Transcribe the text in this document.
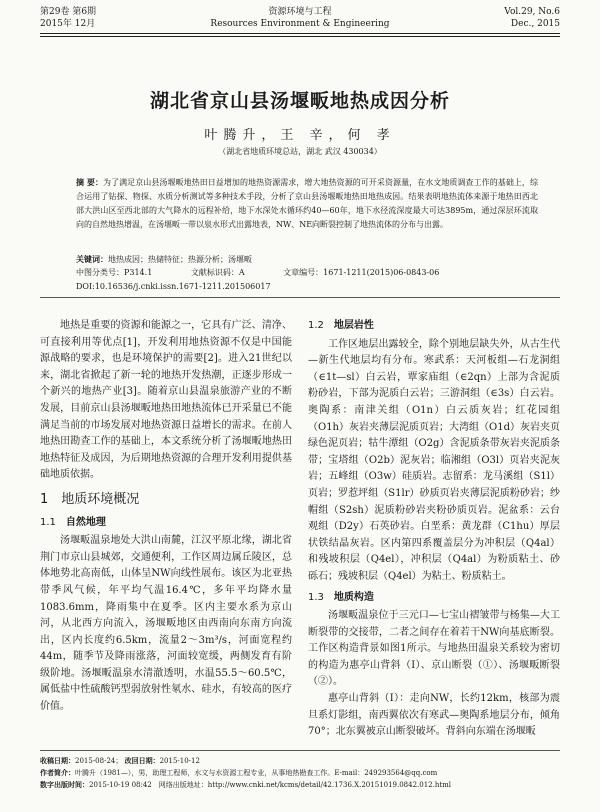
第29卷 第6期
2015年 12月
资源环境与工程
Resources Environment & Engineering
Vol.29, No.6
Dec., 2015
湖北省京山县汤堰畈地热成因分析
叶腾升，王 辛，何 孝
（湖北省地质环境总站，湖北 武汉 430034）
摘 要：为了满足京山县汤堰畈地热田日益增加的地热资源需求，增大地热资源的可开采资源量，在水文地质调查工作的基础上，综合运用了钻探、物探、水质分析测试等多种技术手段，分析了京山县汤堰畈地热田地热成因。结果表明地热流体来源于地热田西北部大洪山区至西北部的大气降水的远程补给，地下水深处水循环约40—60年，地下水径流深度最大可达3895m，通过深层环流取向的自然地热增温，在汤堰畈一带以泉水形式出露地表，NW、NE向断裂控制了地热流体的分布与出露。
关键词：地热成因；热储特征；热源分析；汤堰畈
中图分类号：P314.1	文献标识码：A	文章编号：1671-1211(2015)06-0843-06
DOI:10.16536/j.cnki.issn.1671-1211.201506017

地热是重要的资源和能源之一，它具有广泛、清净、可直接利用等优点[1]，开发利用地热资源不仅是中国能源战略的要求，也是环境保护的需要[2]。进入21世纪以来，湖北省掀起了新一轮的地热开发热潮，正逐步形成一个新兴的地热产业[3]。随着京山县温泉旅游产业的不断发展，目前京山县汤堰畈地热田地热流体已开采量已不能满足当前的市场发展对地热资源日益增长的需求。在前人地热田勘查工作的基础上，本文系统分析了汤堰畈地热田地热特征及成因，为后期地热资源的合理开发利用提供基础地质依据。

1　地质环境概况
1.1 自然地理

汤堰畈温泉地处大洪山南麓，江汉平原北缘，湖北省荆门市京山县城郊，交通便利，工作区周边属丘陵区，总体地势北高南低，山体呈NW向线性展布。该区为北亚热带季风气候，年平均气温16.4℃，多年平均降水量1083.6mm，降雨集中在夏季。区内主要水系为京山河，从北西方向流入，汤堰畈地区由西南向东南方向流出，区内长度约6.5km，流量2～3m³/s，河面宽程约44m，随季节及降雨涨落，河面较宽缓，两侧发育有阶级阶地。汤堰畈温泉水清澈透明，水温55.5～60.5℃，属低盐中性硫酸钙型弱放射性氡水、硅水，有较高的医疗价值。

1.2 地层岩性

工作区地层出露较全，除个别地层缺失外，从古生代—新生代地层均有分布。寒武系：天河板组—石龙洞组（∈1t—sl）白云岩，覃家庙组（∈2qn）上部为含泥质粉砂岩，下部为泥质白云岩；三游洞组（∈3s）白云岩。奥陶系：南津关组（O1n）白云质灰岩；红花园组（O1h）灰岩夹薄层泥质页岩；大湾组（O1d）灰岩夹页绿色泥页岩；牯牛潭组（O2g）含泥质条带灰岩夹泥质条带；宝塔组（O2b）泥灰岩；临湘组（O3l）页岩夹泥灰岩；五峰组（O3w）硅质岩。志留系：龙马溪组（S1l）页岩；罗惹坪组（S1lr）砂质页岩夹薄层泥质粉砂岩；纱帽组（S2sh）泥质粉砂岩夹粉砂质页岩。泥盆系：云台观组（D2y）石英砂岩。白垩系：黄龙群（C1hu）厚层状铁结晶灰岩。区内第四系覆盖层分为冲积层（Q4al）和残坡积层（Q4el），冲积层（Q4al）为粉质粘土、砂砾石；残坡积层（Q4el）为粘土、粉质粘土。

1.3 地质构造

汤堰畈温泉位于三元口—七宝山褶皱带与杨集—大工断裂带的交接带，二者之间存在着若干NW向基底断裂。工作区构造背景如图1所示。与地热田温泉关系较为密切的构造为惠亭山背斜（Ⅰ）、京山断裂（①）、汤堰畈断裂（②）。

惠亭山背斜（Ⅰ）：走向NW，长约12km，核部为震旦系灯影组，南西翼依次有寒武—奥陶系地层分布，倾角70°；北东翼被京山断裂破坏。背斜向东端在汤堰畈

收稿日期：2015-08-24； 改回日期：2015-10-12
作者简介：叶腾升（1981—），男，助理工程师，水文与水资源工程专业，从事地热勘查工作。E-mail：249293564@qq.com
数字出版时间：2015-10-19 08:42　网络出版地址：http://www.cnki.net/kcms/detail/42.1736.X.20151019.0842.012.html
